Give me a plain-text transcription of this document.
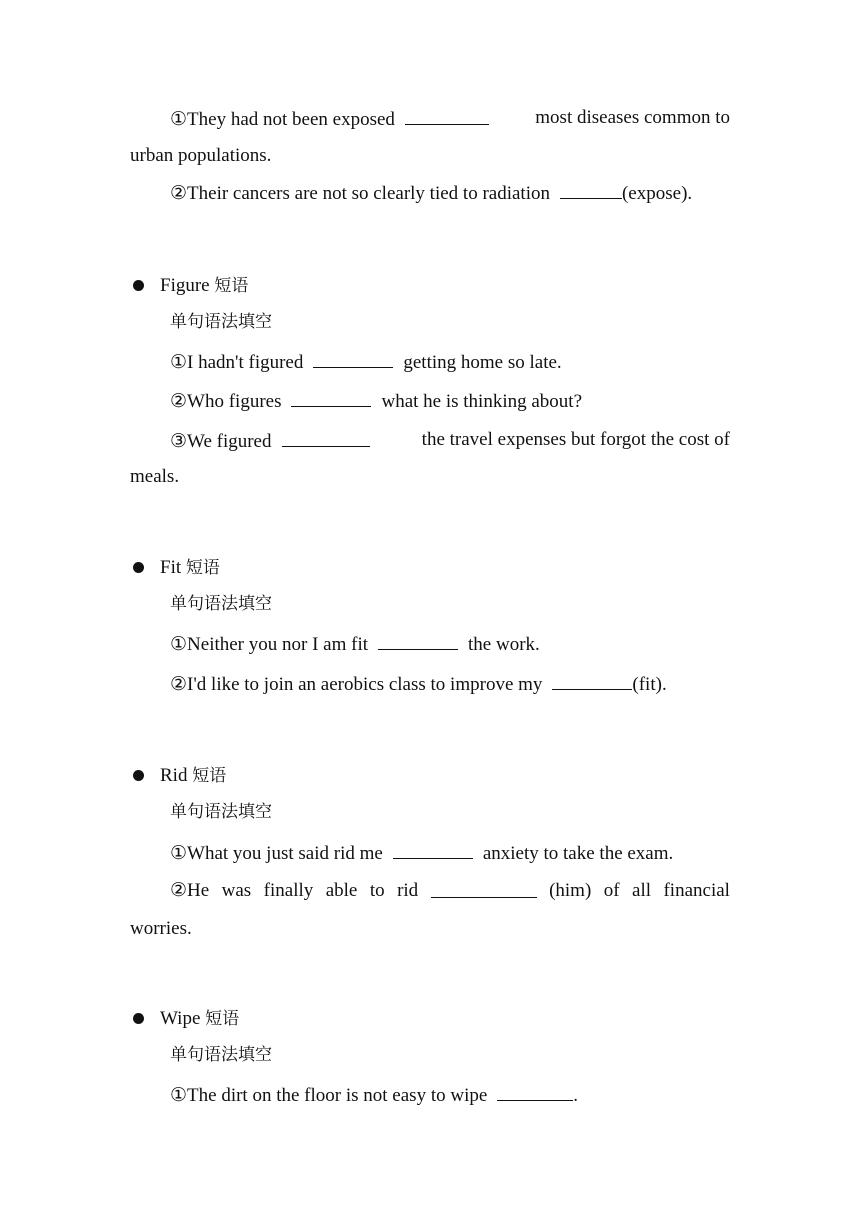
①They had not been exposed	most diseases common to
urban populations.
②Their cancers are not so clearly tied to radiation	(expose).
Figure 短语
单句语法填空
①I hadn't figured	getting home so late.
②Who figures	what he is thinking about?
③We figured	the travel expenses but forgot the cost of
meals.
Fit 短语
单句语法填空
①Neither you nor I am fit	the work.
②I'd like to join an aerobics class to improve my	(fit).
Rid 短语
单句语法填空
①What you just said rid me	anxiety to take the exam.
②He was finally able to rid	(him) of all financial
worries.
Wipe 短语
单句语法填空
①The dirt on the floor is not easy to wipe	.
